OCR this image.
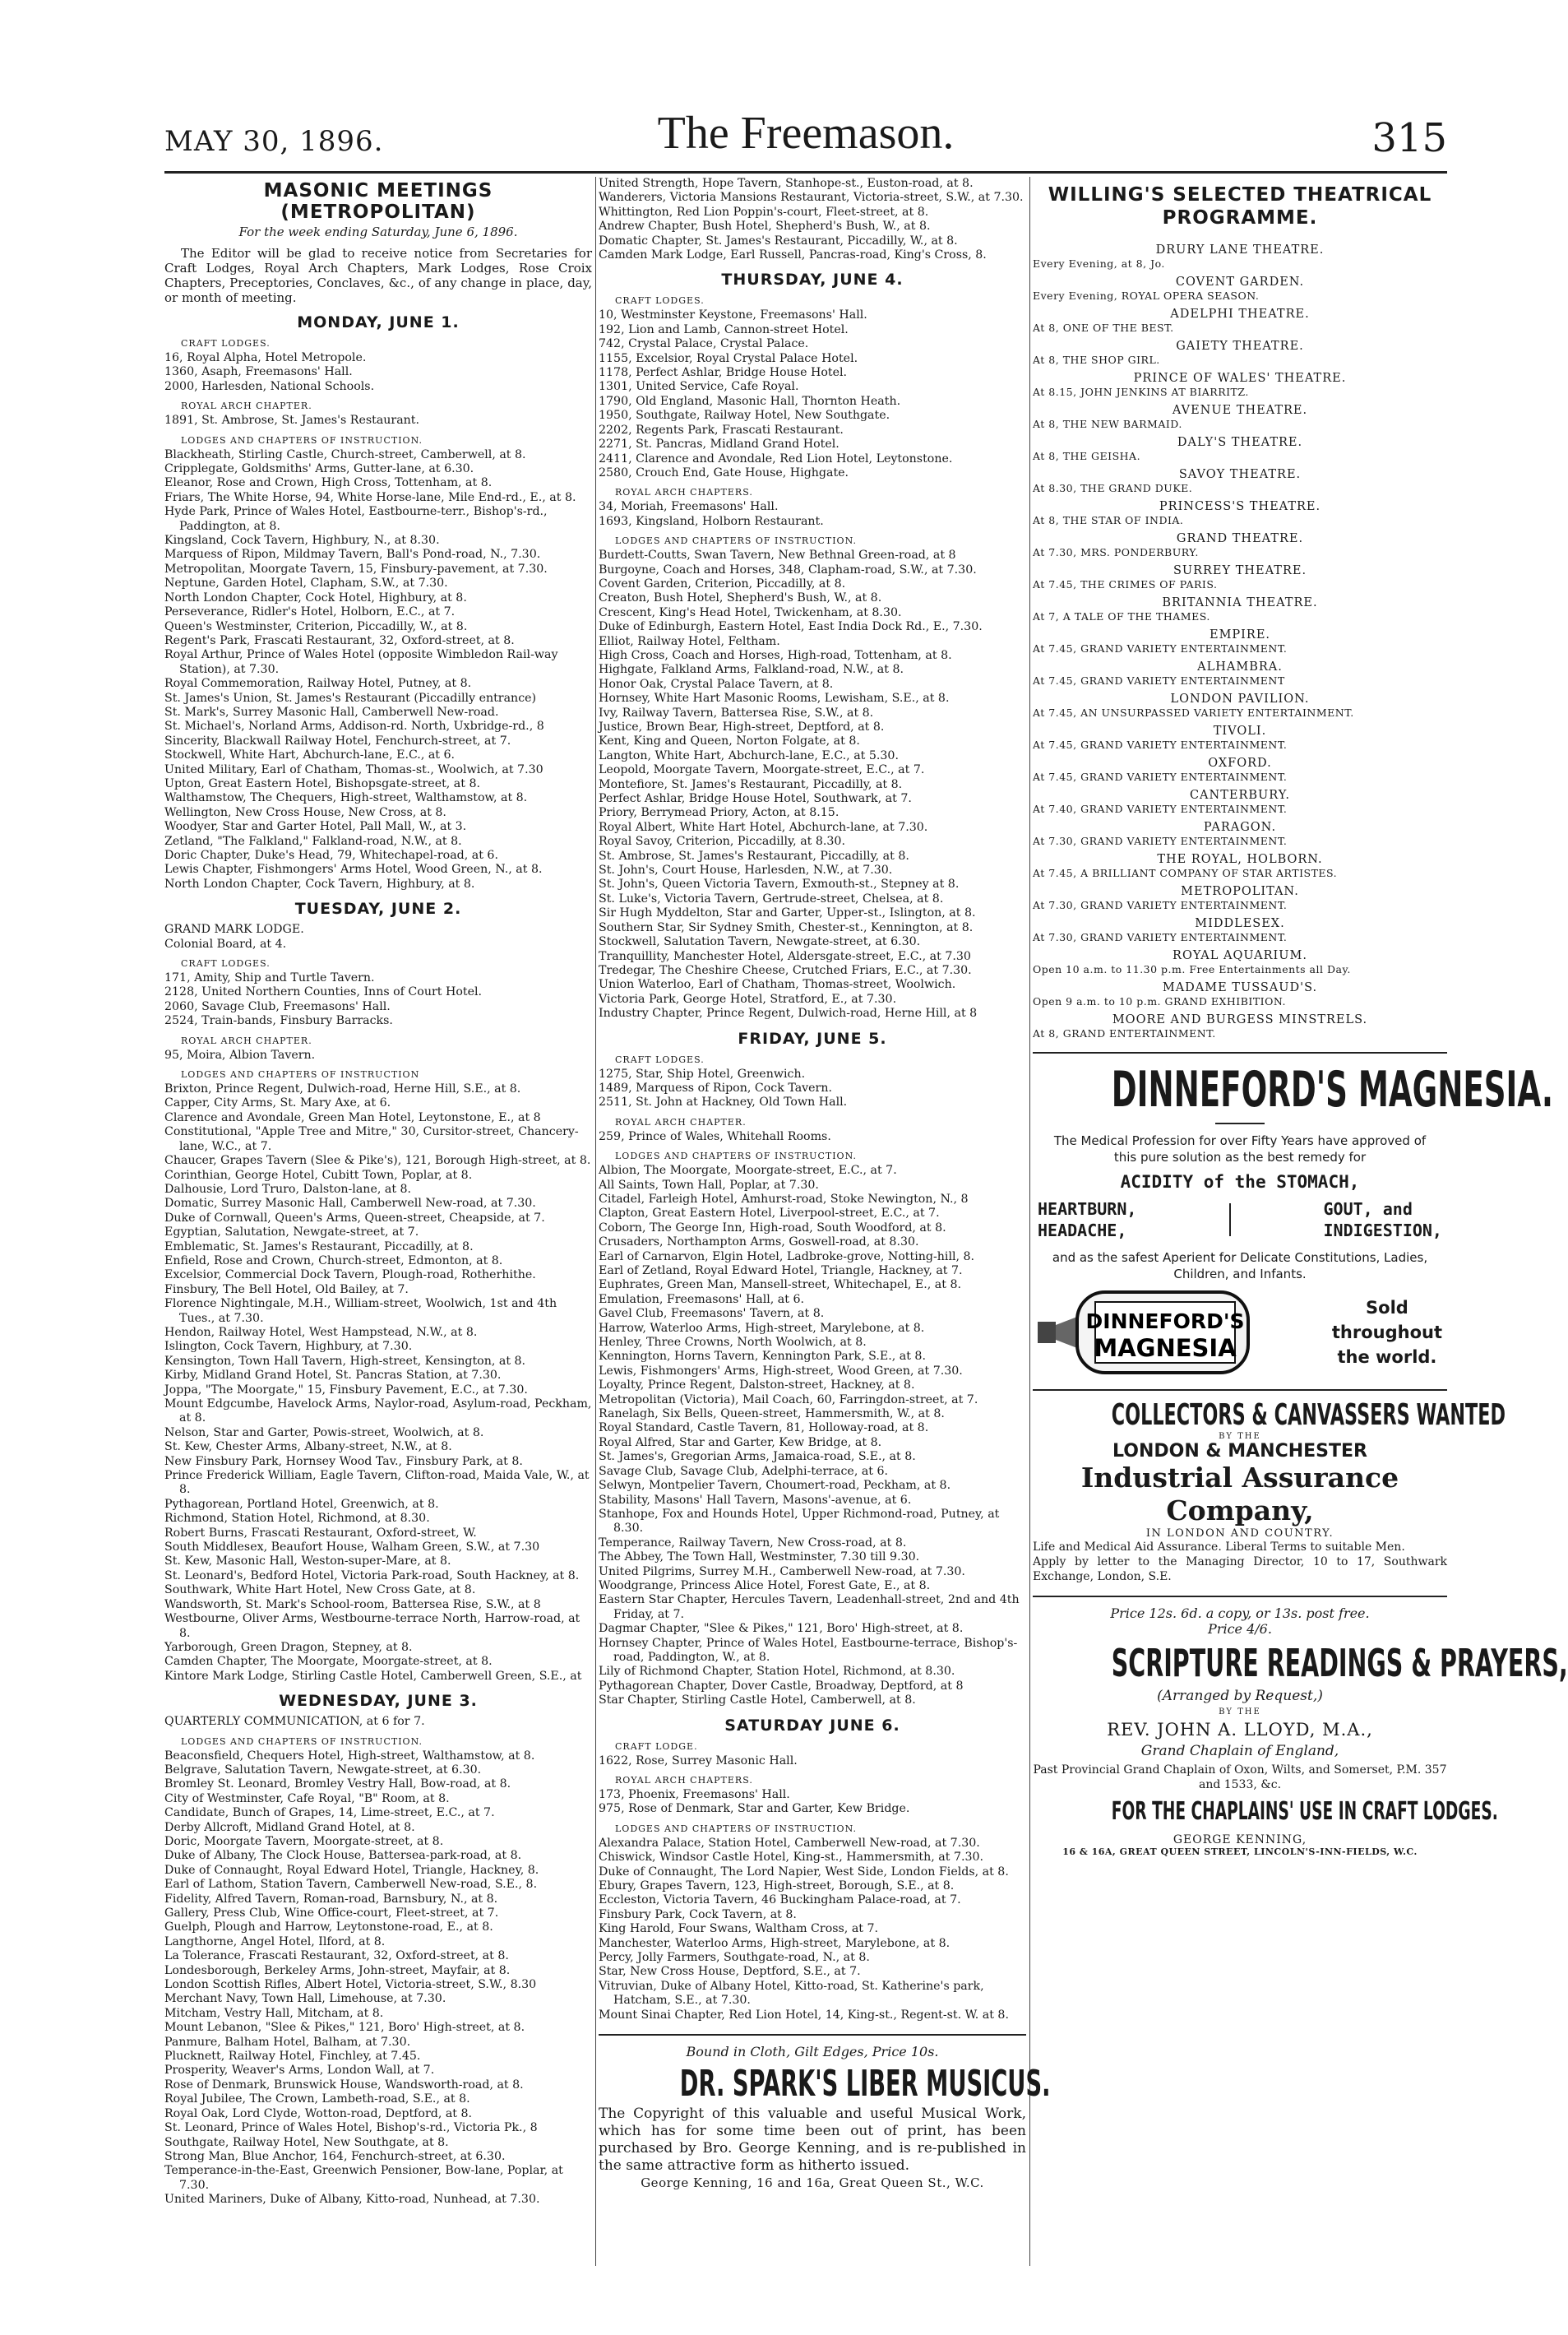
MAY 30, 1896.	The Freemason.	315
MASONIC MEETINGS (METROPOLITAN)
For the week ending Saturday, June 6, 1896.

The Editor will be glad to receive notice from Secretaries for Craft Lodges, Royal Arch Chapters, Mark Lodges, Rose Croix Chapters, Preceptories, Conclaves, &c., of any change in place, day, or month of meeting.

MONDAY, JUNE 1.
CRAFT LODGES.
16, Royal Alpha, Hotel Metropole.
1360, Asaph, Freemasons' Hall.
2000, Harlesden, National Schools.
ROYAL ARCH CHAPTER.
1891, St. Ambrose, St. James's Restaurant.
LODGES AND CHAPTERS OF INSTRUCTION.
Blackheath, Stirling Castle, Church-street, Camberwell, at 8.
Cripplegate, Goldsmiths' Arms, Gutter-lane, at 6.30.
Eleanor, Rose and Crown, High Cross, Tottenham, at 8.
Friars, The White Horse, 94, White Horse-lane, Mile End-rd., E., at 8.
Hyde Park, Prince of Wales Hotel, Eastbourne-terr., Bishop's-rd., Paddington, at 8.
Kingsland, Cock Tavern, Highbury, N., at 8.30.
Marquess of Ripon, Mildmay Tavern, Ball's Pond-road, N., 7.30.
Metropolitan, Moorgate Tavern, 15, Finsbury-pavement, at 7.30.
Neptune, Garden Hotel, Clapham, S.W., at 7.30.
North London Chapter, Cock Hotel, Highbury, at 8.
Perseverance, Ridler's Hotel, Holborn, E.C., at 7.
Queen's Westminster, Criterion, Piccadilly, W., at 8.
Regent's Park, Frascati Restaurant, 32, Oxford-street, at 8.
Royal Arthur, Prince of Wales Hotel (opposite Wimbledon Rail-way Station), at 7.30.
Royal Commemoration, Railway Hotel, Putney, at 8.
St. James's Union, St. James's Restaurant (Piccadilly entrance)
St. Mark's, Surrey Masonic Hall, Camberwell New-road.
St. Michael's, Norland Arms, Addison-rd. North, Uxbridge-rd., 8
Sincerity, Blackwall Railway Hotel, Fenchurch-street, at 7.
Stockwell, White Hart, Abchurch-lane, E.C., at 6.
United Military, Earl of Chatham, Thomas-st., Woolwich, at 7.30
Upton, Great Eastern Hotel, Bishopsgate-street, at 8.
Walthamstow, The Chequers, High-street, Walthamstow, at 8.
Wellington, New Cross House, New Cross, at 8.
Woodyer, Star and Garter Hotel, Pall Mall, W., at 3.
Zetland, "The Falkland," Falkland-road, N.W., at 8.
Doric Chapter, Duke's Head, 79, Whitechapel-road, at 6.
Lewis Chapter, Fishmongers' Arms Hotel, Wood Green, N., at 8.
North London Chapter, Cock Tavern, Highbury, at 8.
TUESDAY, JUNE 2.
GRAND MARK LODGE.
Colonial Board, at 4.
CRAFT LODGES.
171, Amity, Ship and Turtle Tavern.
2128, United Northern Counties, Inns of Court Hotel.
2060, Savage Club, Freemasons' Hall.
2524, Train-bands, Finsbury Barracks.
ROYAL ARCH CHAPTER.
95, Moira, Albion Tavern.
LODGES AND CHAPTERS OF INSTRUCTION
Brixton, Prince Regent, Dulwich-road, Herne Hill, S.E., at 8.
Capper, City Arms, St. Mary Axe, at 6.
Clarence and Avondale, Green Man Hotel, Leytonstone, E., at 8
Constitutional, "Apple Tree and Mitre," 30, Cursitor-street, Chancery-lane, W.C., at 7.
Chaucer, Grapes Tavern (Slee & Pike's), 121, Borough High-street, at 8.
Corinthian, George Hotel, Cubitt Town, Poplar, at 8.
Dalhousie, Lord Truro, Dalston-lane, at 8.
Domatic, Surrey Masonic Hall, Camberwell New-road, at 7.30.
Duke of Cornwall, Queen's Arms, Queen-street, Cheapside, at 7.
Egyptian, Salutation, Newgate-street, at 7.
Emblematic, St. James's Restaurant, Piccadilly, at 8.
Enfield, Rose and Crown, Church-street, Edmonton, at 8.
Excelsior, Commercial Dock Tavern, Plough-road, Rotherhithe.
Finsbury, The Bell Hotel, Old Bailey, at 7.
Florence Nightingale, M.H., William-street, Woolwich, 1st and 4th Tues., at 7.30.
Hendon, Railway Hotel, West Hampstead, N.W., at 8.
Islington, Cock Tavern, Highbury, at 7.30.
Kensington, Town Hall Tavern, High-street, Kensington, at 8.
Kirby, Midland Grand Hotel, St. Pancras Station, at 7.30.
Joppa, "The Moorgate," 15, Finsbury Pavement, E.C., at 7.30.
Mount Edgcumbe, Havelock Arms, Naylor-road, Asylum-road, Peckham, at 8.
Nelson, Star and Garter, Powis-street, Woolwich, at 8.
St. Kew, Chester Arms, Albany-street, N.W., at 8.
New Finsbury Park, Hornsey Wood Tav., Finsbury Park, at 8.
Prince Frederick William, Eagle Tavern, Clifton-road, Maida Vale, W., at 8.
Pythagorean, Portland Hotel, Greenwich, at 8.
Richmond, Station Hotel, Richmond, at 8.30.
Robert Burns, Frascati Restaurant, Oxford-street, W.
South Middlesex, Beaufort House, Walham Green, S.W., at 7.30
St. Kew, Masonic Hall, Weston-super-Mare, at 8.
St. Leonard's, Bedford Hotel, Victoria Park-road, South Hackney, at 8.
Southwark, White Hart Hotel, New Cross Gate, at 8.
Wandsworth, St. Mark's School-room, Battersea Rise, S.W., at 8
Westbourne, Oliver Arms, Westbourne-terrace North, Harrow-road, at 8.
Yarborough, Green Dragon, Stepney, at 8.
Camden Chapter, The Moorgate, Moorgate-street, at 8.
Kintore Mark Lodge, Stirling Castle Hotel, Camberwell Green, S.E., at
WEDNESDAY, JUNE 3.
QUARTERLY COMMUNICATION, at 6 for 7.
LODGES AND CHAPTERS OF INSTRUCTION.
Beaconsfield, Chequers Hotel, High-street, Walthamstow, at 8.
Belgrave, Salutation Tavern, Newgate-street, at 6.30.
Bromley St. Leonard, Bromley Vestry Hall, Bow-road, at 8.
City of Westminster, Cafe Royal, "B" Room, at 8.
Candidate, Bunch of Grapes, 14, Lime-street, E.C., at 7.
Derby Allcroft, Midland Grand Hotel, at 8.
Doric, Moorgate Tavern, Moorgate-street, at 8.
Duke of Albany, The Clock House, Battersea-park-road, at 8.
Duke of Connaught, Royal Edward Hotel, Triangle, Hackney, 8.
Earl of Lathom, Station Tavern, Camberwell New-road, S.E., 8.
Fidelity, Alfred Tavern, Roman-road, Barnsbury, N., at 8.
Gallery, Press Club, Wine Office-court, Fleet-street, at 7.
Guelph, Plough and Harrow, Leytonstone-road, E., at 8.
Langthorne, Angel Hotel, Ilford, at 8.
La Tolerance, Frascati Restaurant, 32, Oxford-street, at 8.
Londesborough, Berkeley Arms, John-street, Mayfair, at 8.
London Scottish Rifles, Albert Hotel, Victoria-street, S.W., 8.30
Merchant Navy, Town Hall, Limehouse, at 7.30.
Mitcham, Vestry Hall, Mitcham, at 8.
Mount Lebanon, "Slee & Pikes," 121, Boro' High-street, at 8.
Panmure, Balham Hotel, Balham, at 7.30.
Plucknett, Railway Hotel, Finchley, at 7.45.
Prosperity, Weaver's Arms, London Wall, at 7.
Rose of Denmark, Brunswick House, Wandsworth-road, at 8.
Royal Jubilee, The Crown, Lambeth-road, S.E., at 8.
Royal Oak, Lord Clyde, Wotton-road, Deptford, at 8.
St. Leonard, Prince of Wales Hotel, Bishop's-rd., Victoria Pk., 8
Southgate, Railway Hotel, New Southgate, at 8.
Strong Man, Blue Anchor, 164, Fenchurch-street, at 6.30.
Temperance-in-the-East, Greenwich Pensioner, Bow-lane, Poplar, at 7.30.
United Mariners, Duke of Albany, Kitto-road, Nunhead, at 7.30.
United Strength, Hope Tavern, Stanhope-st., Euston-road, at 8.
Wanderers, Victoria Mansions Restaurant, Victoria-street, S.W., at 7.30.
Whittington, Red Lion Poppin's-court, Fleet-street, at 8.
Andrew Chapter, Bush Hotel, Shepherd's Bush, W., at 8.
Domatic Chapter, St. James's Restaurant, Piccadilly, W., at 8.
Camden Mark Lodge, Earl Russell, Pancras-road, King's Cross, 8.
THURSDAY, JUNE 4.
CRAFT LODGES.
10, Westminster Keystone, Freemasons' Hall.
192, Lion and Lamb, Cannon-street Hotel.
742, Crystal Palace, Crystal Palace.
1155, Excelsior, Royal Crystal Palace Hotel.
1178, Perfect Ashlar, Bridge House Hotel.
1301, United Service, Cafe Royal.
1790, Old England, Masonic Hall, Thornton Heath.
1950, Southgate, Railway Hotel, New Southgate.
2202, Regents Park, Frascati Restaurant.
2271, St. Pancras, Midland Grand Hotel.
2411, Clarence and Avondale, Red Lion Hotel, Leytonstone.
2580, Crouch End, Gate House, Highgate.
ROYAL ARCH CHAPTERS.
34, Moriah, Freemasons' Hall.
1693, Kingsland, Holborn Restaurant.
LODGES AND CHAPTERS OF INSTRUCTION.
Burdett-Coutts, Swan Tavern, New Bethnal Green-road, at 8
Burgoyne, Coach and Horses, 348, Clapham-road, S.W., at 7.30.
Covent Garden, Criterion, Piccadilly, at 8.
Creaton, Bush Hotel, Shepherd's Bush, W., at 8.
Crescent, King's Head Hotel, Twickenham, at 8.30.
Duke of Edinburgh, Eastern Hotel, East India Dock Rd., E., 7.30.
Elliot, Railway Hotel, Feltham.
High Cross, Coach and Horses, High-road, Tottenham, at 8.
Highgate, Falkland Arms, Falkland-road, N.W., at 8.
Honor Oak, Crystal Palace Tavern, at 8.
Hornsey, White Hart Masonic Rooms, Lewisham, S.E., at 8.
Ivy, Railway Tavern, Battersea Rise, S.W., at 8.
Justice, Brown Bear, High-street, Deptford, at 8.
Kent, King and Queen, Norton Folgate, at 8.
Langton, White Hart, Abchurch-lane, E.C., at 5.30.
Leopold, Moorgate Tavern, Moorgate-street, E.C., at 7.
Montefiore, St. James's Restaurant, Piccadilly, at 8.
Perfect Ashlar, Bridge House Hotel, Southwark, at 7.
Priory, Berrymead Priory, Acton, at 8.15.
Royal Albert, White Hart Hotel, Abchurch-lane, at 7.30.
Royal Savoy, Criterion, Piccadilly, at 8.30.
St. Ambrose, St. James's Restaurant, Piccadilly, at 8.
St. John's, Court House, Harlesden, N.W., at 7.30.
St. John's, Queen Victoria Tavern, Exmouth-st., Stepney at 8.
St. Luke's, Victoria Tavern, Gertrude-street, Chelsea, at 8.
Sir Hugh Myddelton, Star and Garter, Upper-st., Islington, at 8.
Southern Star, Sir Sydney Smith, Chester-st., Kennington, at 8.
Stockwell, Salutation Tavern, Newgate-street, at 6.30.
Tranquillity, Manchester Hotel, Aldersgate-street, E.C., at 7.30
Tredegar, The Cheshire Cheese, Crutched Friars, E.C., at 7.30.
Union Waterloo, Earl of Chatham, Thomas-street, Woolwich.
Victoria Park, George Hotel, Stratford, E., at 7.30.
Industry Chapter, Prince Regent, Dulwich-road, Herne Hill, at 8
FRIDAY, JUNE 5.
CRAFT LODGES.
1275, Star, Ship Hotel, Greenwich.
1489, Marquess of Ripon, Cock Tavern.
2511, St. John at Hackney, Old Town Hall.
ROYAL ARCH CHAPTER.
259, Prince of Wales, Whitehall Rooms.
LODGES AND CHAPTERS OF INSTRUCTION.
Albion, The Moorgate, Moorgate-street, E.C., at 7.
All Saints, Town Hall, Poplar, at 7.30.
Citadel, Farleigh Hotel, Amhurst-road, Stoke Newington, N., 8
Clapton, Great Eastern Hotel, Liverpool-street, E.C., at 7.
Coborn, The George Inn, High-road, South Woodford, at 8.
Crusaders, Northampton Arms, Goswell-road, at 8.30.
Earl of Carnarvon, Elgin Hotel, Ladbroke-grove, Notting-hill, 8.
Earl of Zetland, Royal Edward Hotel, Triangle, Hackney, at 7.
Euphrates, Green Man, Mansell-street, Whitechapel, E., at 8.
Emulation, Freemasons' Hall, at 6.
Gavel Club, Freemasons' Tavern, at 8.
Harrow, Waterloo Arms, High-street, Marylebone, at 8.
Henley, Three Crowns, North Woolwich, at 8.
Kennington, Horns Tavern, Kennington Park, S.E., at 8.
Lewis, Fishmongers' Arms, High-street, Wood Green, at 7.30.
Loyalty, Prince Regent, Dalston-street, Hackney, at 8.
Metropolitan (Victoria), Mail Coach, 60, Farringdon-street, at 7.
Ranelagh, Six Bells, Queen-street, Hammersmith, W., at 8.
Royal Standard, Castle Tavern, 81, Holloway-road, at 8.
Royal Alfred, Star and Garter, Kew Bridge, at 8.
St. James's, Gregorian Arms, Jamaica-road, S.E., at 8.
Savage Club, Savage Club, Adelphi-terrace, at 6.
Selwyn, Montpelier Tavern, Choumert-road, Peckham, at 8.
Stability, Masons' Hall Tavern, Masons'-avenue, at 6.
Stanhope, Fox and Hounds Hotel, Upper Richmond-road, Putney, at 8.30.
Temperance, Railway Tavern, New Cross-road, at 8.
The Abbey, The Town Hall, Westminster, 7.30 till 9.30.
United Pilgrims, Surrey M.H., Camberwell New-road, at 7.30.
Woodgrange, Princess Alice Hotel, Forest Gate, E., at 8.
Eastern Star Chapter, Hercules Tavern, Leadenhall-street, 2nd and 4th Friday, at 7.
Dagmar Chapter, "Slee & Pikes," 121, Boro' High-street, at 8.
Hornsey Chapter, Prince of Wales Hotel, Eastbourne-terrace, Bishop's-road, Paddington, W., at 8.
Lily of Richmond Chapter, Station Hotel, Richmond, at 8.30.
Pythagorean Chapter, Dover Castle, Broadway, Deptford, at 8
Star Chapter, Stirling Castle Hotel, Camberwell, at 8.
SATURDAY JUNE 6.
CRAFT LODGE.
1622, Rose, Surrey Masonic Hall.
ROYAL ARCH CHAPTERS.
173, Phoenix, Freemasons' Hall.
975, Rose of Denmark, Star and Garter, Kew Bridge.
LODGES AND CHAPTERS OF INSTRUCTION.
Alexandra Palace, Station Hotel, Camberwell New-road, at 7.30.
Chiswick, Windsor Castle Hotel, King-st., Hammersmith, at 7.30.
Duke of Connaught, The Lord Napier, West Side, London Fields, at 8.
Ebury, Grapes Tavern, 123, High-street, Borough, S.E., at 8.
Eccleston, Victoria Tavern, 46 Buckingham Palace-road, at 7.
Finsbury Park, Cock Tavern, at 8.
King Harold, Four Swans, Waltham Cross, at 7.
Manchester, Waterloo Arms, High-street, Marylebone, at 8.
Percy, Jolly Farmers, Southgate-road, N., at 8.
Star, New Cross House, Deptford, S.E., at 7.
Vitruvian, Duke of Albany Hotel, Kitto-road, St. Katherine's park, Hatcham, S.E., at 7.30.
Mount Sinai Chapter, Red Lion Hotel, 14, King-st., Regent-st. W. at 8.
Bound in Cloth, Gilt Edges, Price 10s.
DR. SPARK'S LIBER MUSICUS.

The Copyright of this valuable and useful Musical Work, which has for some time been out of print, has been purchased by Bro. George Kenning, and is re-published in the same attractive form as hitherto issued.

George Kenning, 16 and 16a, Great Queen St., W.C.

WILLING'S SELECTED THEATRICAL PROGRAMME.
DRURY LANE THEATRE.
Every Evening, at 8, Jo.
COVENT GARDEN.
Every Evening, ROYAL OPERA SEASON.
ADELPHI THEATRE.
At 8, ONE OF THE BEST.
GAIETY THEATRE.
At 8, THE SHOP GIRL.
PRINCE OF WALES' THEATRE.
At 8.15, JOHN JENKINS AT BIARRITZ.
AVENUE THEATRE.
At 8, THE NEW BARMAID.
DALY'S THEATRE.
At 8, THE GEISHA.
SAVOY THEATRE.
At 8.30, THE GRAND DUKE.
PRINCESS'S THEATRE.
At 8, THE STAR OF INDIA.
GRAND THEATRE.
At 7.30, MRS. PONDERBURY.
SURREY THEATRE.
At 7.45, THE CRIMES OF PARIS.
BRITANNIA THEATRE.
At 7, A TALE OF THE THAMES.
EMPIRE.
At 7.45, GRAND VARIETY ENTERTAINMENT.
ALHAMBRA.
At 7.45, GRAND VARIETY ENTERTAINMENT
LONDON PAVILION.
At 7.45, AN UNSURPASSED VARIETY ENTERTAINMENT.
TIVOLI.
At 7.45, GRAND VARIETY ENTERTAINMENT.
OXFORD.
At 7.45, GRAND VARIETY ENTERTAINMENT.
CANTERBURY.
At 7.40, GRAND VARIETY ENTERTAINMENT.
PARAGON.
At 7.30, GRAND VARIETY ENTERTAINMENT.
THE ROYAL, HOLBORN.
At 7.45, A BRILLIANT COMPANY OF STAR ARTISTES.
METROPOLITAN.
At 7.30, GRAND VARIETY ENTERTAINMENT.
MIDDLESEX.
At 7.30, GRAND VARIETY ENTERTAINMENT.
ROYAL AQUARIUM.
Open 10 a.m. to 11.30 p.m. Free Entertainments all Day.
MADAME TUSSAUD'S.
Open 9 a.m. to 10 p.m. GRAND EXHIBITION.
MOORE AND BURGESS MINSTRELS.
At 8, GRAND ENTERTAINMENT.
DINNEFORD'S MAGNESIA.

The Medical Profession for over Fifty Years have approved of this pure solution as the best remedy for

ACIDITY of the STOMACH,
HEARTBURN,
HEADACHE,
GOUT, and
INDIGESTION,

and as the safest Aperient for Delicate Constitutions, Ladies, Children, and Infants.

DINNEFORD'S
MAGNESIA
Sold
throughout
the world.
COLLECTORS & CANVASSERS WANTED
BY THE
LONDON & MANCHESTER
Industrial Assurance Company,
IN LONDON AND COUNTRY.

Life and Medical Aid Assurance. Liberal Terms to suitable Men.

Apply by letter to the Managing Director, 10 to 17, Southwark Exchange, London, S.E.

Price 12s. 6d. a copy, or 13s. post free.
Price 4/6.
SCRIPTURE READINGS & PRAYERS,
(Arranged by Request,)
BY THE
REV. JOHN A. LLOYD, M.A.,
Grand Chaplain of England,
Past Provincial Grand Chaplain of Oxon, Wilts, and Somerset, P.M. 357 and 1533, &c.
FOR THE CHAPLAINS' USE IN CRAFT LODGES.
GEORGE KENNING,
16 & 16A, GREAT QUEEN STREET, LINCOLN'S-INN-FIELDS, W.C.
